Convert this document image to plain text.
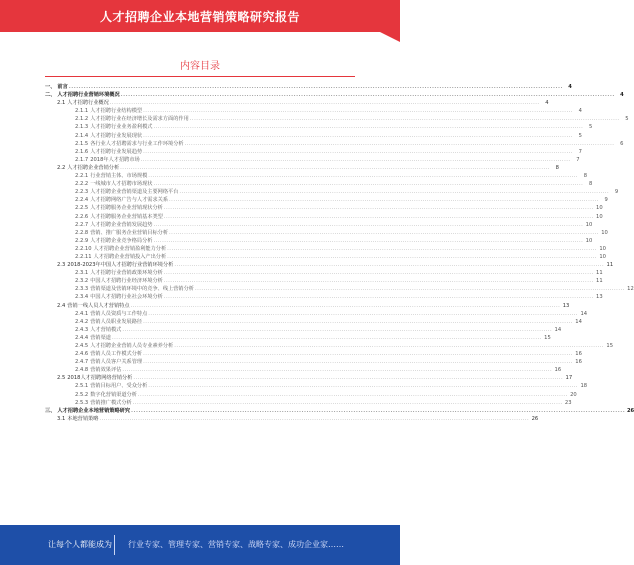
人才招聘企业本地营销策略研究报告
内容目录
一、 前言 ........................................................................................................................................................................................................	4
二、 人才招聘行业营销环境概况 ........................................................................................................................................................................................................	4
2.1 人才招聘行业概况 ........................................................................................................................................................................................................	4
2.1.1 人才招聘行业结构模型 ........................................................................................................................................................................................................	4
2.1.2 人才招聘行业在经济增长及需求方面的作用 ........................................................................................................................................................................................................	5
2.1.3 人才招聘行业业务盈利模式 ........................................................................................................................................................................................................	5
2.1.4 人才招聘行业发展现状 ........................................................................................................................................................................................................	5
2.1.5 各行业人才招聘需求与行业工作环境分析 ........................................................................................................................................................................................................	6
2.1.6 人才招聘行业发展趋势 ........................................................................................................................................................................................................	7
2.1.7 2018年人才招聘市场 ........................................................................................................................................................................................................	7
2.2 人才招聘企业营销分析 ........................................................................................................................................................................................................	8
2.2.1 行业营销主体、市场规模 ........................................................................................................................................................................................................	8
2.2.2 一线城市人才招聘市场现状 ........................................................................................................................................................................................................	8
2.2.3 人才招聘企业营销渠道及主要网络平台 ........................................................................................................................................................................................................	9
2.2.4 人才招聘网络广告与人才需求关系 ........................................................................................................................................................................................................	9
2.2.5 人才招聘服务企业营销现状分析 ........................................................................................................................................................................................................ 10
2.2.6 人才招聘服务企业营销基本类型 ........................................................................................................................................................................................................ 10
2.2.7 人才招聘企业营销发展趋势 ........................................................................................................................................................................................................ 10
2.2.8 营销、推广服务企业营销目标分析 ........................................................................................................................................................................................................ 10
2.2.9 人才招聘企业竞争格局分析 ........................................................................................................................................................................................................ 10
2.2.10 人才招聘企业营销盈利能力分析 ........................................................................................................................................................................................................ 10
2.2.11 人才招聘企业营销投入产出分析 ........................................................................................................................................................................................................ 10
2.3 2018-2023年中国人才招聘行业营销环境分析 ........................................................................................................................................................................................................ 11
2.3.1 人才招聘行业营销政策环境分析 ........................................................................................................................................................................................................ 11
2.3.2 中国人才招聘行业经济环境分析 ........................................................................................................................................................................................................ 11
2.3.3 营销渠道及营销环境中的竞争、线上营销分析 ........................................................................................................................................................................................................ 12
2.3.4 中国人才招聘行业社会环境分析 ........................................................................................................................................................................................................ 13
2.4 营销一线人员人才营销特点 ........................................................................................................................................................................................................ 13
2.4.1 营销人员资质与工作特点 ........................................................................................................................................................................................................ 14
2.4.2 营销人员职业发展路径 ........................................................................................................................................................................................................ 14
2.4.3 人才营销模式 ........................................................................................................................................................................................................ 14
2.4.4 营销渠道 ........................................................................................................................................................................................................ 15
2.4.5 人才招聘企业营销人员专业素养分析 ........................................................................................................................................................................................................ 15
2.4.6 营销人员工作模式分析 ........................................................................................................................................................................................................ 16
2.4.7 营销人员客户关系管理 ........................................................................................................................................................................................................ 16
2.4.8 营销效果评估 ........................................................................................................................................................................................................ 16
2.5 2018人才招聘网络营销分析 ........................................................................................................................................................................................................ 17
2.5.1 营销目标用户、受众分析 ........................................................................................................................................................................................................ 18
2.5.2 数字化营销渠道分析 ........................................................................................................................................................................................................ 20
2.5.3 营销推广模式分析 ........................................................................................................................................................................................................ 23
三、 人才招聘企业本地营销策略研究 ........................................................................................................................................................................................................ 26
3.1 本地营销策略 ........................................................................................................................................................................................................ 26
让每个人都能成为 行业专家、管理专家、营销专家、战略专家、成功企业家……
